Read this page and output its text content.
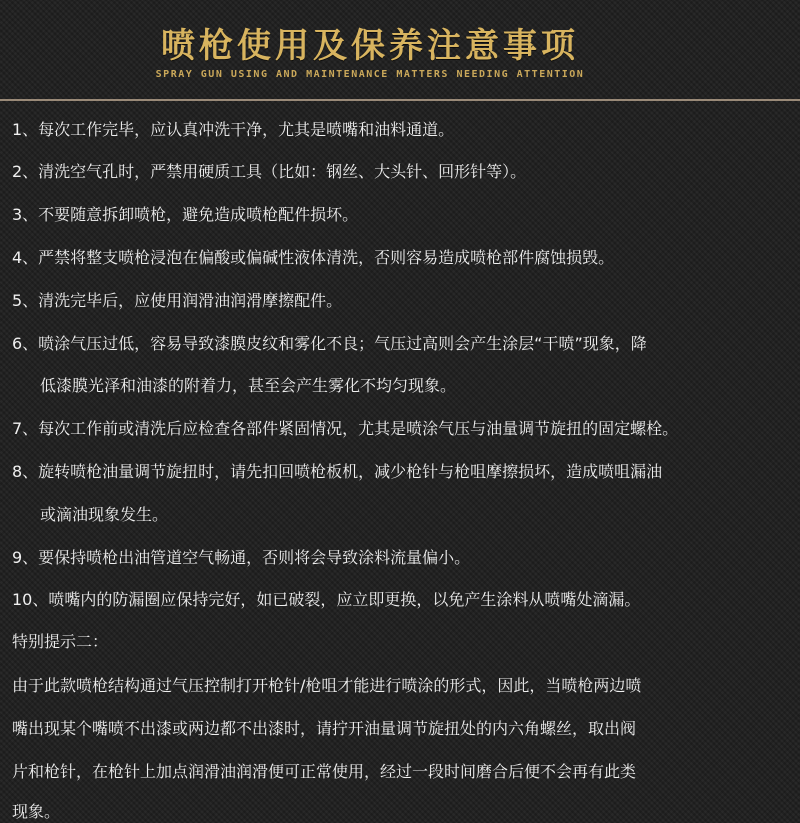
喷枪使用及保养注意事项
SPRAY GUN USING AND MAINTENANCE MATTERS NEEDING ATTENTION
1、每次工作完毕，应认真冲洗干净，尤其是喷嘴和油料通道。
2、清洗空气孔时，严禁用硬质工具（比如：钢丝、大头针、回形针等）。
3、不要随意拆卸喷枪，避免造成喷枪配件损坏。
4、严禁将整支喷枪浸泡在偏酸或偏碱性液体清洗，否则容易造成喷枪部件腐蚀损毁。
5、清洗完毕后，应使用润滑油润滑摩擦配件。
6、喷涂气压过低，容易导致漆膜皮纹和雾化不良；气压过高则会产生涂层“干喷”现象，降
低漆膜光泽和油漆的附着力，甚至会产生雾化不均匀现象。
7、每次工作前或清洗后应检查各部件紧固情况，尤其是喷涂气压与油量调节旋扭的固定螺栓。
8、旋转喷枪油量调节旋扭时，请先扣回喷枪板机，减少枪针与枪咀摩擦损坏，造成喷咀漏油
或滴油现象发生。
9、要保持喷枪出油管道空气畅通，否则将会导致涂料流量偏小。
10、喷嘴内的防漏圈应保持完好，如已破裂，应立即更换，以免产生涂料从喷嘴处滴漏。
特别提示二：
由于此款喷枪结构通过气压控制打开枪针/枪咀才能进行喷涂的形式，因此，当喷枪两边喷
嘴出现某个嘴喷不出漆或两边都不出漆时，请拧开油量调节旋扭处的内六角螺丝，取出阀
片和枪针，在枪针上加点润滑油润滑便可正常使用，经过一段时间磨合后便不会再有此类
现象。
